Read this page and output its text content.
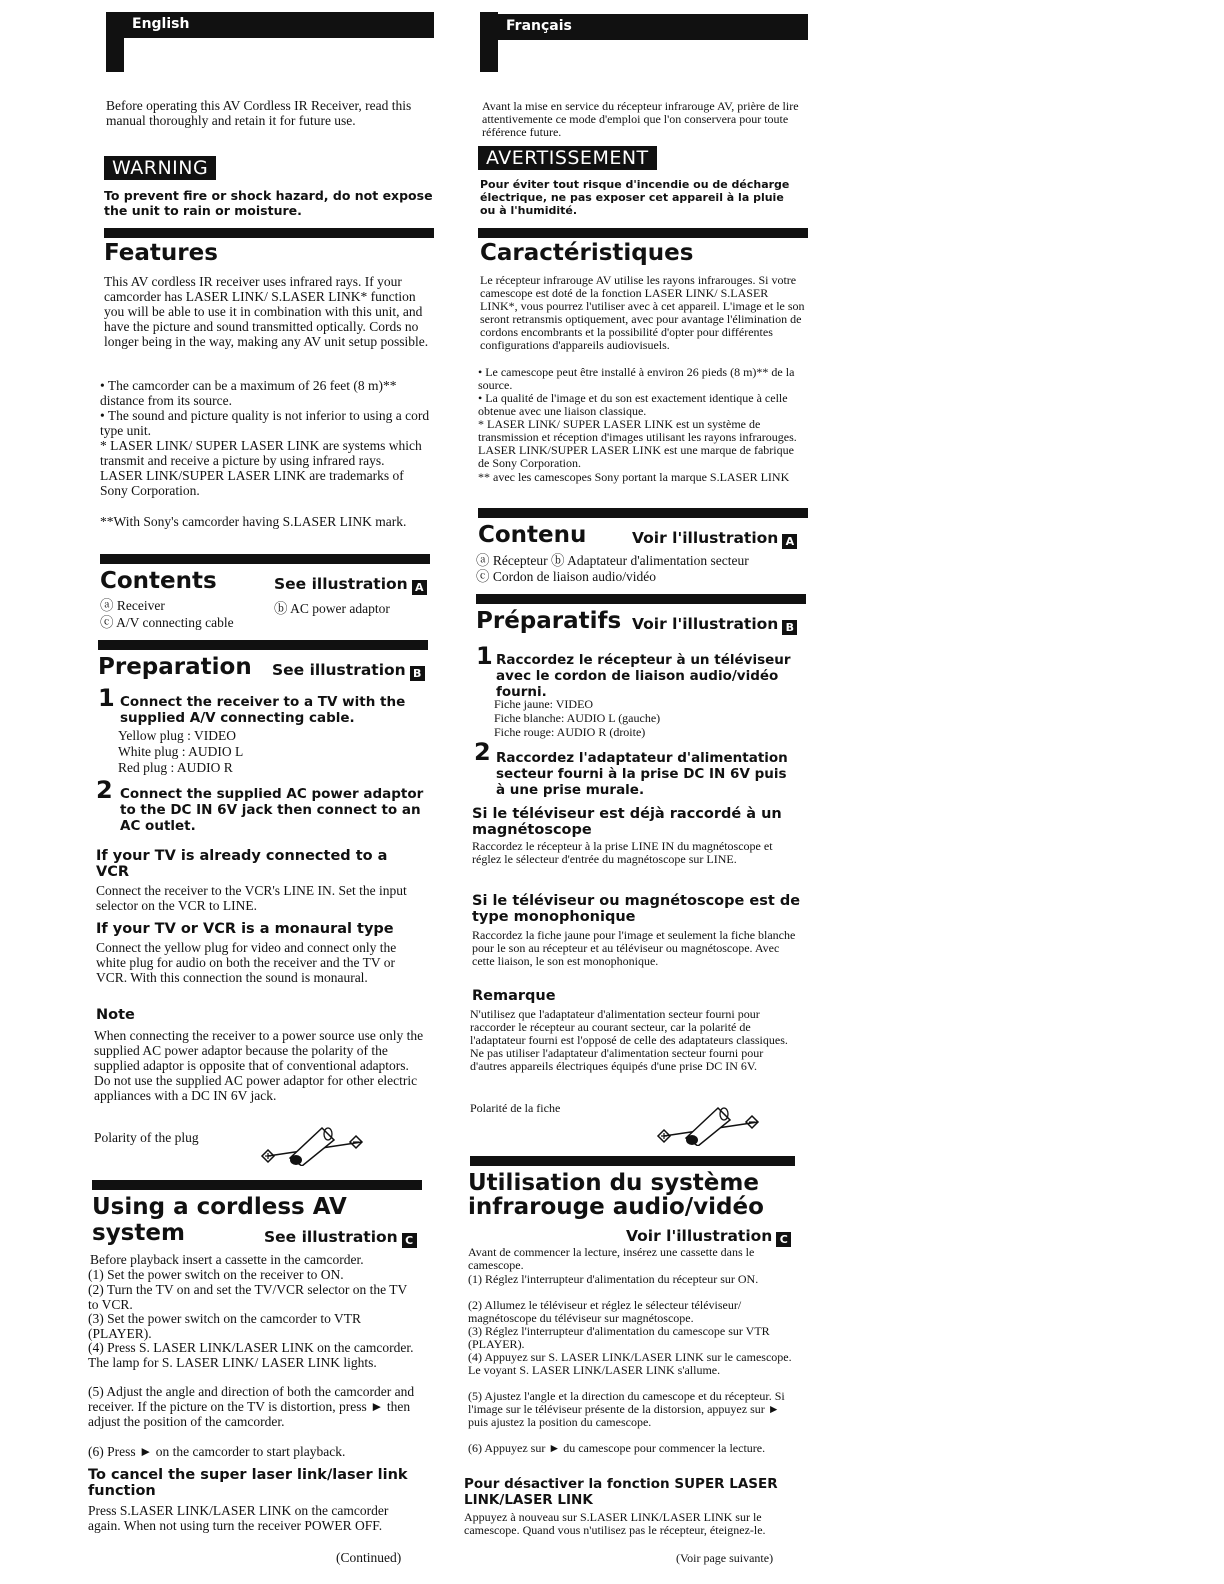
English

Before operating this AV Cordless IR Receiver, read this manual thoroughly and retain it for future use.

WARNING

To prevent fire or shock hazard, do not expose the unit to rain or moisture.

Features

This AV cordless IR receiver uses infrared rays. If your camcorder has LASER LINK/ S.LASER LINK* function you will be able to use it in combination with this unit, and have the picture and sound transmitted optically. Cords no longer being in the way, making any AV unit setup possible.

• The camcorder can be a maximum of 26 feet (8 m)** distance from its source.

• The sound and picture quality is not inferior to using a cord type unit.

* LASER LINK/ SUPER LASER LINK are systems which transmit and receive a picture by using infrared rays. LASER LINK/SUPER LASER LINK are trademarks of Sony Corporation.

**With Sony's camcorder having S.LASER LINK mark.

Contents	See illustration A

ⓐ Receiver	ⓑ AC power adaptor

ⓒ A/V connecting cable

Preparation See illustration B
1 Connect the receiver to a TV with the supplied A/V connecting cable.

Yellow plug : VIDEO

White plug : AUDIO L

Red plug : AUDIO R

2 Connect the supplied AC power adaptor to the DC IN 6V jack then connect to an AC outlet.

If your TV is already connected to a VCR

Connect the receiver to the VCR's LINE IN. Set the input selector on the VCR to LINE.

If your TV or VCR is a monaural type

Connect the yellow plug for video and connect only the white plug for audio on both the receiver and the TV or VCR. With this connection the sound is monaural.

Note

When connecting the receiver to a power source use only the supplied AC power adaptor because the polarity of the supplied adaptor is opposite that of conventional adaptors. Do not use the supplied AC power adaptor for other electric appliances with a DC IN 6V jack.

Polarity of the plug

Using a cordless AV
system	See illustration C

Before playback insert a cassette in the camcorder.

(1) Set the power switch on the receiver to ON.

(2) Turn the TV on and set the TV/VCR selector on the TV to VCR.

(3) Set the power switch on the camcorder to VTR (PLAYER).

(4) Press S. LASER LINK/LASER LINK on the camcorder. The lamp for S. LASER LINK/ LASER LINK lights.

(5) Adjust the angle and direction of both the camcorder and receiver. If the picture on the TV is distortion, press ► then adjust the position of the camcorder.

(6) Press ► on the camcorder to start playback.

To cancel the super laser link/laser link function

Press S.LASER LINK/LASER LINK on the camcorder again. When not using turn the receiver POWER OFF.

(Continued)

Français

Avant la mise en service du récepteur infrarouge AV, prière de lire attentivemente ce mode d'emploi que l'on conservera pour toute référence future.

AVERTISSEMENT

Pour éviter tout risque d'incendie ou de décharge électrique, ne pas exposer cet appareil à la pluie ou à l'humidité.

Caractéristiques

Le récepteur infrarouge AV utilise les rayons infrarouges. Si votre camescope est doté de la fonction LASER LINK/ S.LASER LINK*, vous pourrez l'utiliser avec à cet appareil. L'image et le son seront retransmis optiquement, avec pour avantage l'élimination de cordons encombrants et la possibilité d'opter pour différentes configurations d'appareils audiovisuels.

• Le camescope peut être installé à environ 26 pieds (8 m)** de la source.

• La qualité de l'image et du son est exactement identique à celle obtenue avec une liaison classique.

* LASER LINK/ SUPER LASER LINK est un système de transmission et réception d'images utilisant les rayons infrarouges. LASER LINK/SUPER LASER LINK est une marque de fabrique de Sony Corporation.

** avec les camescopes Sony portant la marque S.LASER LINK

Contenu	Voir l'illustration A

ⓐ Récepteur ⓑ Adaptateur d'alimentation secteur

ⓒ Cordon de liaison audio/vidéo

Préparatifs Voir l'illustration B
1 Raccordez le récepteur à un téléviseur avec le cordon de liaison audio/vidéo fourni.

Fiche jaune: VIDEO

Fiche blanche: AUDIO L (gauche)

Fiche rouge: AUDIO R (droite)

2 Raccordez l'adaptateur d'alimentation secteur fourni à la prise DC IN 6V puis à une prise murale.

Si le téléviseur est déjà raccordé à un magnétoscope

Raccordez le récepteur à la prise LINE IN du magnétoscope et réglez le sélecteur d'entrée du magnétoscope sur LINE.

Si le téléviseur ou magnétoscope est de type monophonique

Raccordez la fiche jaune pour l'image et seulement la fiche blanche pour le son au récepteur et au téléviseur ou magnétoscope. Avec cette liaison, le son est monophonique.

Remarque

N'utilisez que l'adaptateur d'alimentation secteur fourni pour raccorder le récepteur au courant secteur, car la polarité de l'adaptateur fourni est l'opposé de celle des adaptateurs classiques. Ne pas utiliser l'adaptateur d'alimentation secteur fourni pour d'autres appareils électriques équipés d'une prise DC IN 6V.

Polarité de la fiche

Utilisation du système
infrarouge audio/vidéo
Voir l'illustration C

Avant de commencer la lecture, insérez une cassette dans le camescope.

(1) Réglez l'interrupteur d'alimentation du récepteur sur ON.

(2) Allumez le téléviseur et réglez le sélecteur téléviseur/ magnétoscope du téléviseur sur magnétoscope.

(3) Réglez l'interrupteur d'alimentation du camescope sur VTR (PLAYER).

(4) Appuyez sur S. LASER LINK/LASER LINK sur le camescope. Le voyant S. LASER LINK/LASER LINK s'allume.

(5) Ajustez l'angle et la direction du camescope et du récepteur. Si l'image sur le téléviseur présente de la distorsion, appuyez sur ► puis ajustez la position du camescope.

(6) Appuyez sur ► du camescope pour commencer la lecture.

Pour désactiver la fonction SUPER LASER LINK/LASER LINK

Appuyez à nouveau sur S.LASER LINK/LASER LINK sur le camescope. Quand vous n'utilisez pas le récepteur, éteignez-le.

(Voir page suivante)
